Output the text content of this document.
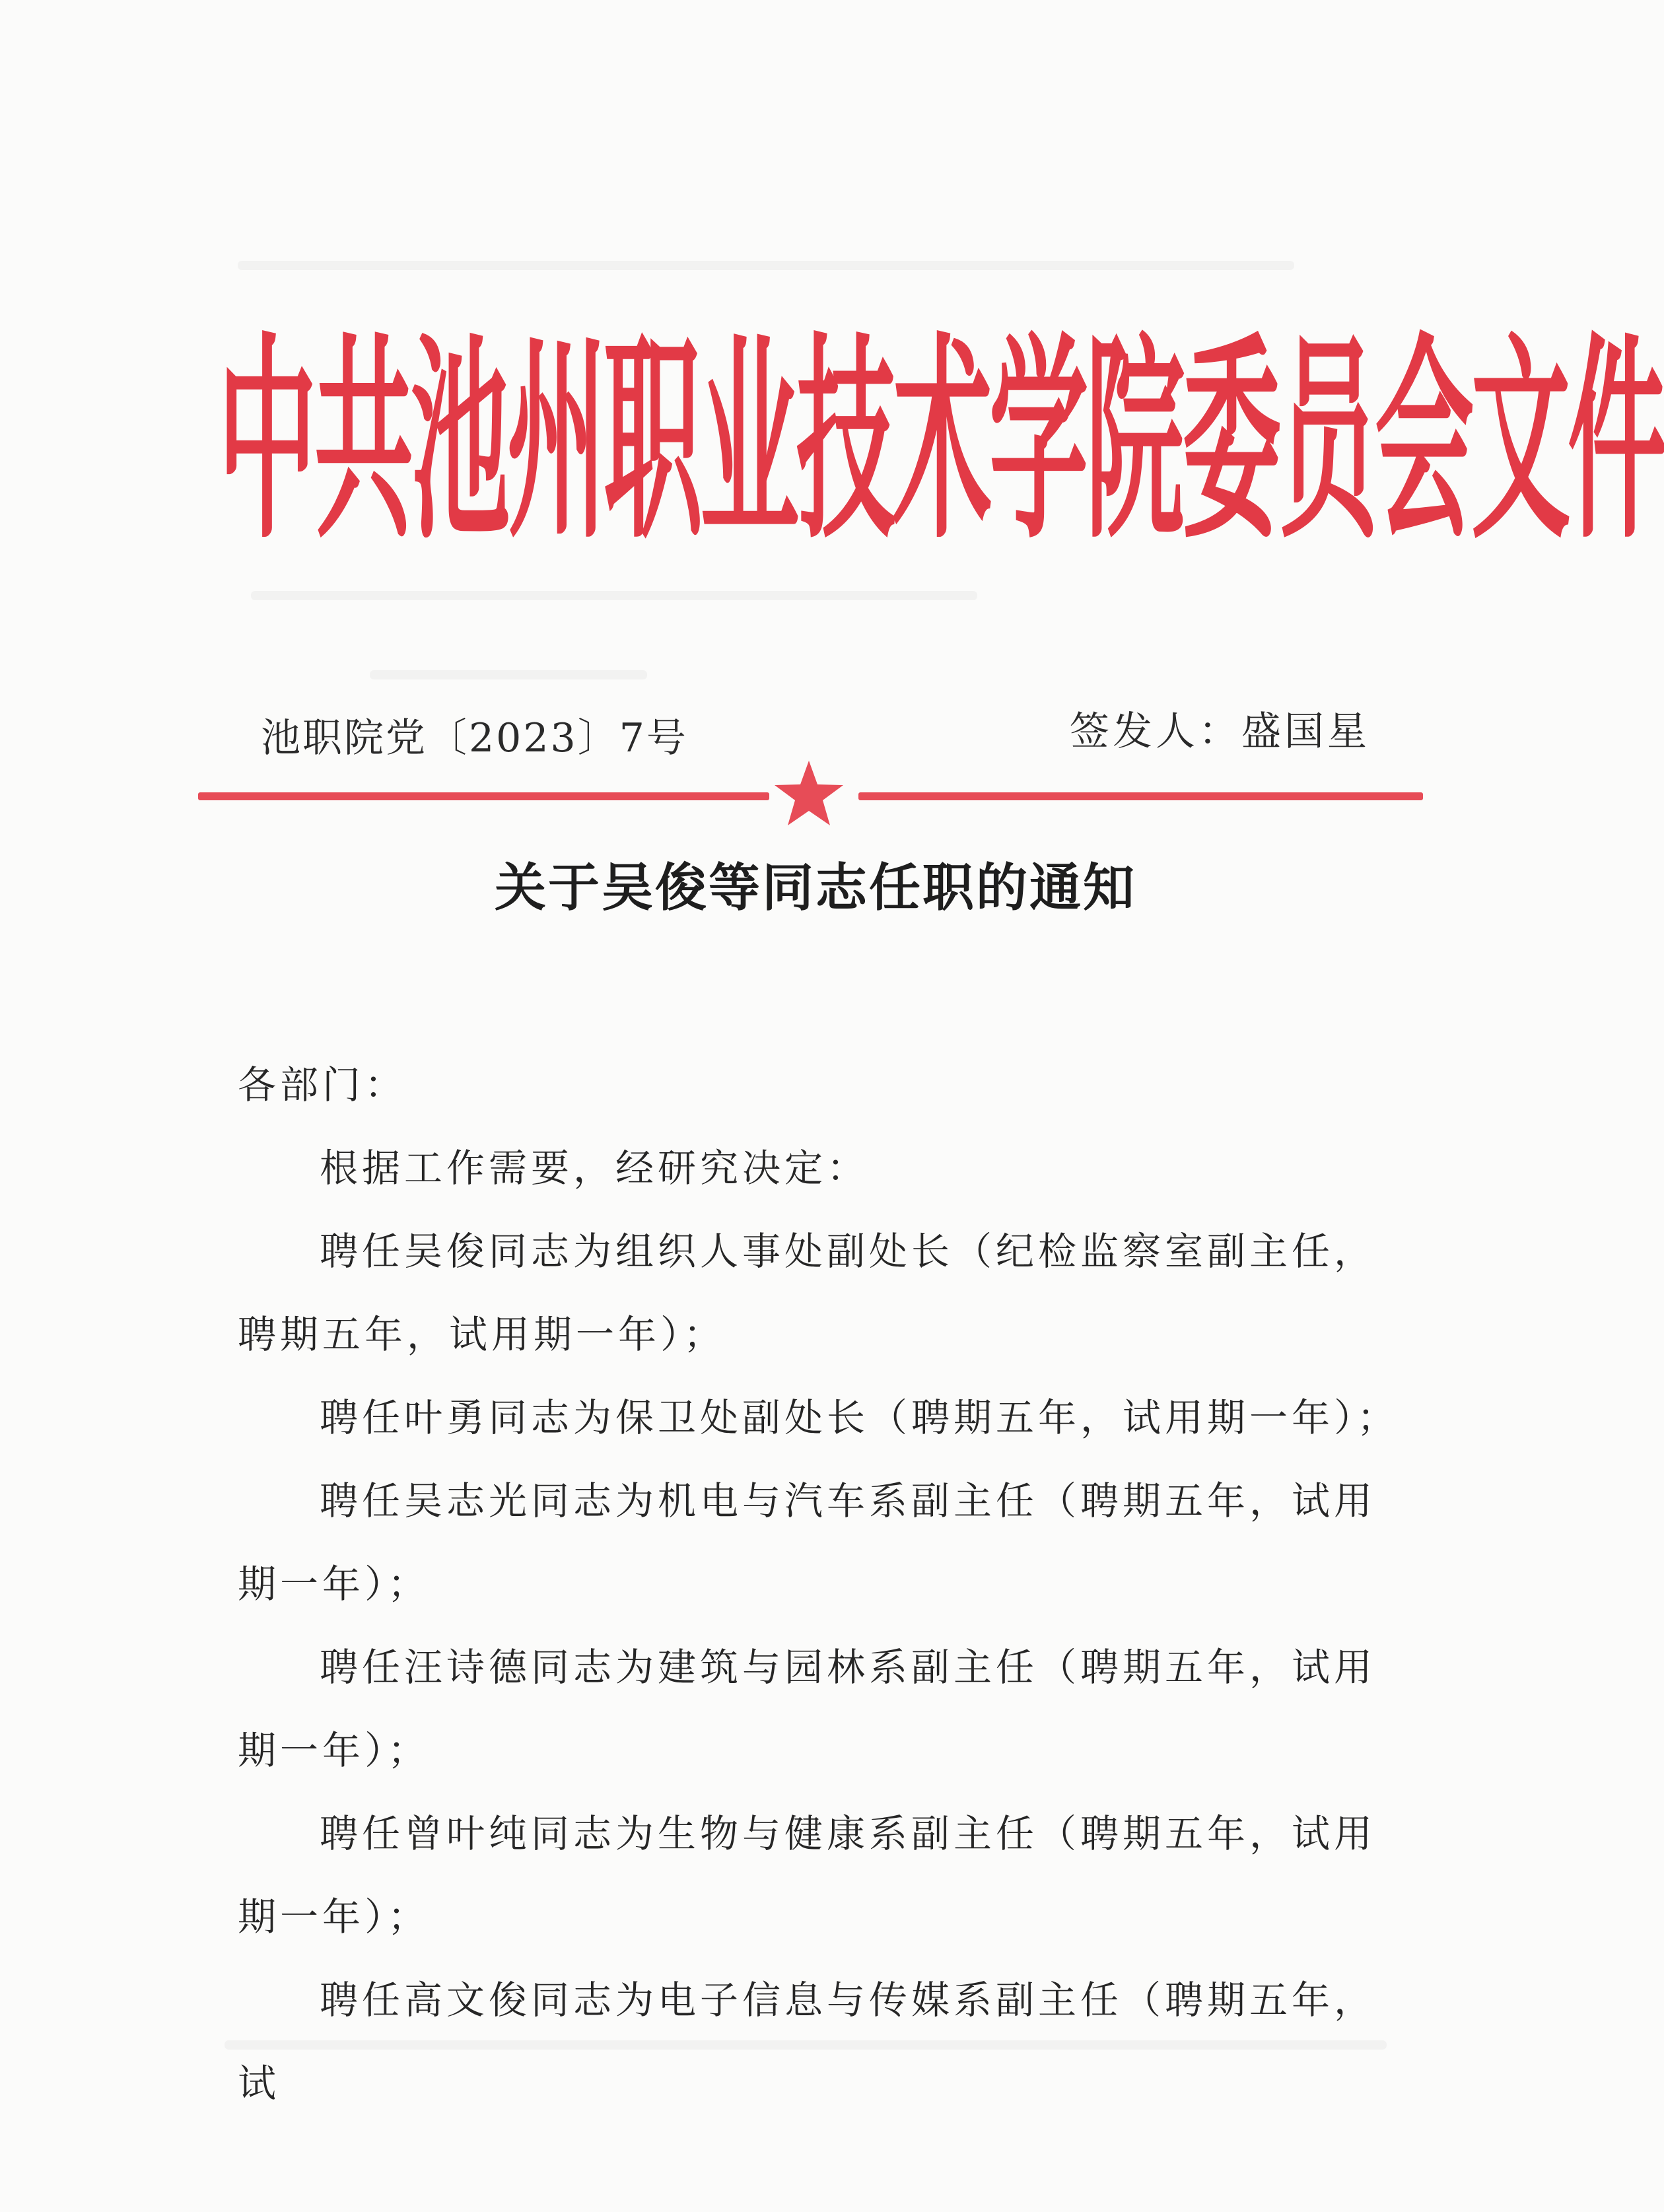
中 共 池 州 职 业 技 术 学 院 委 员 会 文 件
池职院党〔2023〕7号	签发人：盛国星
关于吴俊等同志任职的通知

各部门：

根据工作需要，经研究决定：

聘任吴俊同志为组织人事处副处长（纪检监察室副主任，聘期五年，试用期一年）；

聘任叶勇同志为保卫处副处长（聘期五年，试用期一年）；

聘任吴志光同志为机电与汽车系副主任（聘期五年，试用期一年）；

聘任汪诗德同志为建筑与园林系副主任（聘期五年，试用期一年）；

聘任曾叶纯同志为生物与健康系副主任（聘期五年，试用期一年）；

聘任高文俊同志为电子信息与传媒系副主任（聘期五年，试
